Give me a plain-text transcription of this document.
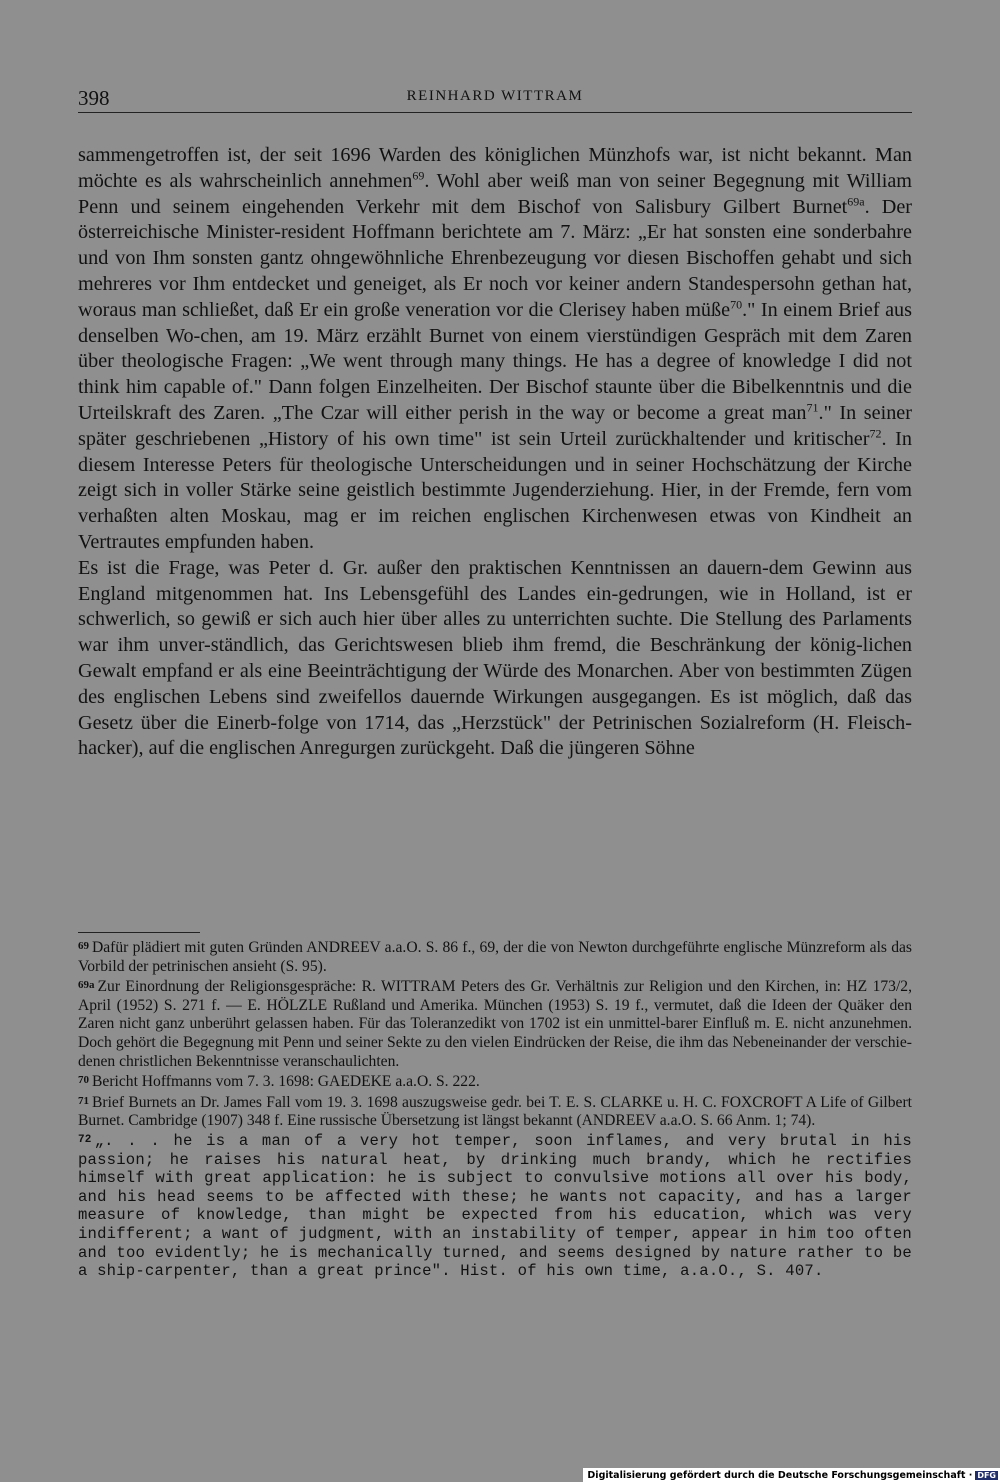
398	REINHARD WITTRAM

sammengetroffen ist, der seit 1696 Warden des königlichen Münzhofs war, ist nicht bekannt. Man möchte es als wahrscheinlich annehmen$^{69}$. Wohl aber weiß man von seiner Begegnung mit William Penn und seinem eingehenden Verkehr mit dem Bischof von Salisbury Gilbert Burnet$^{69a}$. Der österreichische Minister-resident Hoffmann berichtete am 7. März: „Er hat sonsten eine sonderbahre und von Ihm sonsten gantz ohngewöhnliche Ehrenbezeugung vor diesen Bischoffen gehabt und sich mehreres vor Ihm entdecket und geneiget, als Er noch vor keiner andern Standespersohn gethan hat, woraus man schließet, daß Er ein große veneration vor die Clerisey haben müße$^{70}$." In einem Brief aus denselben Wo-chen, am 19. März erzählt Burnet von einem vierstündigen Gespräch mit dem Zaren über theologische Fragen: „We went through many things. He has a degree of knowledge I did not think him capable of." Dann folgen Einzelheiten. Der Bischof staunte über die Bibelkenntnis und die Urteilskraft des Zaren. „The Czar will either perish in the way or become a great man$^{71}$." In seiner später geschriebenen „History of his own time" ist sein Urteil zurückhaltender und kritischer$^{72}$. In diesem Interesse Peters für theologische Unterscheidungen und in seiner Hochschätzung der Kirche zeigt sich in voller Stärke seine geistlich bestimmte Jugenderziehung. Hier, in der Fremde, fern vom verhaßten alten Moskau, mag er im reichen englischen Kirchenwesen etwas von Kindheit an Vertrautes empfunden haben.

Es ist die Frage, was Peter d. Gr. außer den praktischen Kenntnissen an dauern-dem Gewinn aus England mitgenommen hat. Ins Lebensgefühl des Landes ein-gedrungen, wie in Holland, ist er schwerlich, so gewiß er sich auch hier über alles zu unterrichten suchte. Die Stellung des Parlaments war ihm unver-ständlich, das Gerichtswesen blieb ihm fremd, die Beschränkung der könig-lichen Gewalt empfand er als eine Beeinträchtigung der Würde des Monarchen. Aber von bestimmten Zügen des englischen Lebens sind zweifellos dauernde Wirkungen ausgegangen. Es ist möglich, daß das Gesetz über die Einerb-folge von 1714, das „Herzstück" der Petrinischen Sozialreform (H. Fleisch-hacker), auf die englischen Anregurgen zurückgeht. Daß die jüngeren Söhne

69 Dafür plädiert mit guten Gründen ANDREEV a.a.O. S. 86 f., 69, der die von Newton durchgeführte englische Münzreform als das Vorbild der petrinischen ansieht (S. 95).

69a Zur Einordnung der Religionsgespräche: R. WITTRAM Peters des Gr. Verhältnis zur Religion und den Kirchen, in: HZ 173/2, April (1952) S. 271 f. — E. HÖLZLE Rußland und Amerika. München (1953) S. 19 f., vermutet, daß die Ideen der Quäker den Zaren nicht ganz unberührt gelassen haben. Für das Toleranzedikt von 1702 ist ein unmittel-barer Einfluß m. E. nicht anzunehmen. Doch gehört die Begegnung mit Penn und seiner Sekte zu den vielen Eindrücken der Reise, die ihm das Nebeneinander der verschie-denen christlichen Bekenntnisse veranschaulichten.

70 Bericht Hoffmanns vom 7. 3. 1698: GAEDEKE a.a.O. S. 222.

71 Brief Burnets an Dr. James Fall vom 19. 3. 1698 auszugsweise gedr. bei T. E. S. CLARKE u. H. C. FOXCROFT A Life of Gilbert Burnet. Cambridge (1907) 348 f. Eine russische Übersetzung ist längst bekannt (ANDREEV a.a.O. S. 66 Anm. 1; 74).

72 „. . . he is a man of a very hot temper, soon inflames, and very brutal in his passion; he raises his natural heat, by drinking much brandy, which he rectifies himself with great application: he is subject to convulsive motions all over his body, and his head seems to be affected with these; he wants not capacity, and has a larger measure of knowledge, than might be expected from his education, which was very indifferent; a want of judgment, with an instability of temper, appear in him too often and too evidently; he is mechanically turned, and seems designed by nature rather to be a ship-carpenter, than a great prince". Hist. of his own time, a.a.O., S. 407.

Digitalisierung gefördert durch die Deutsche Forschungsgemeinschaft · DFG
